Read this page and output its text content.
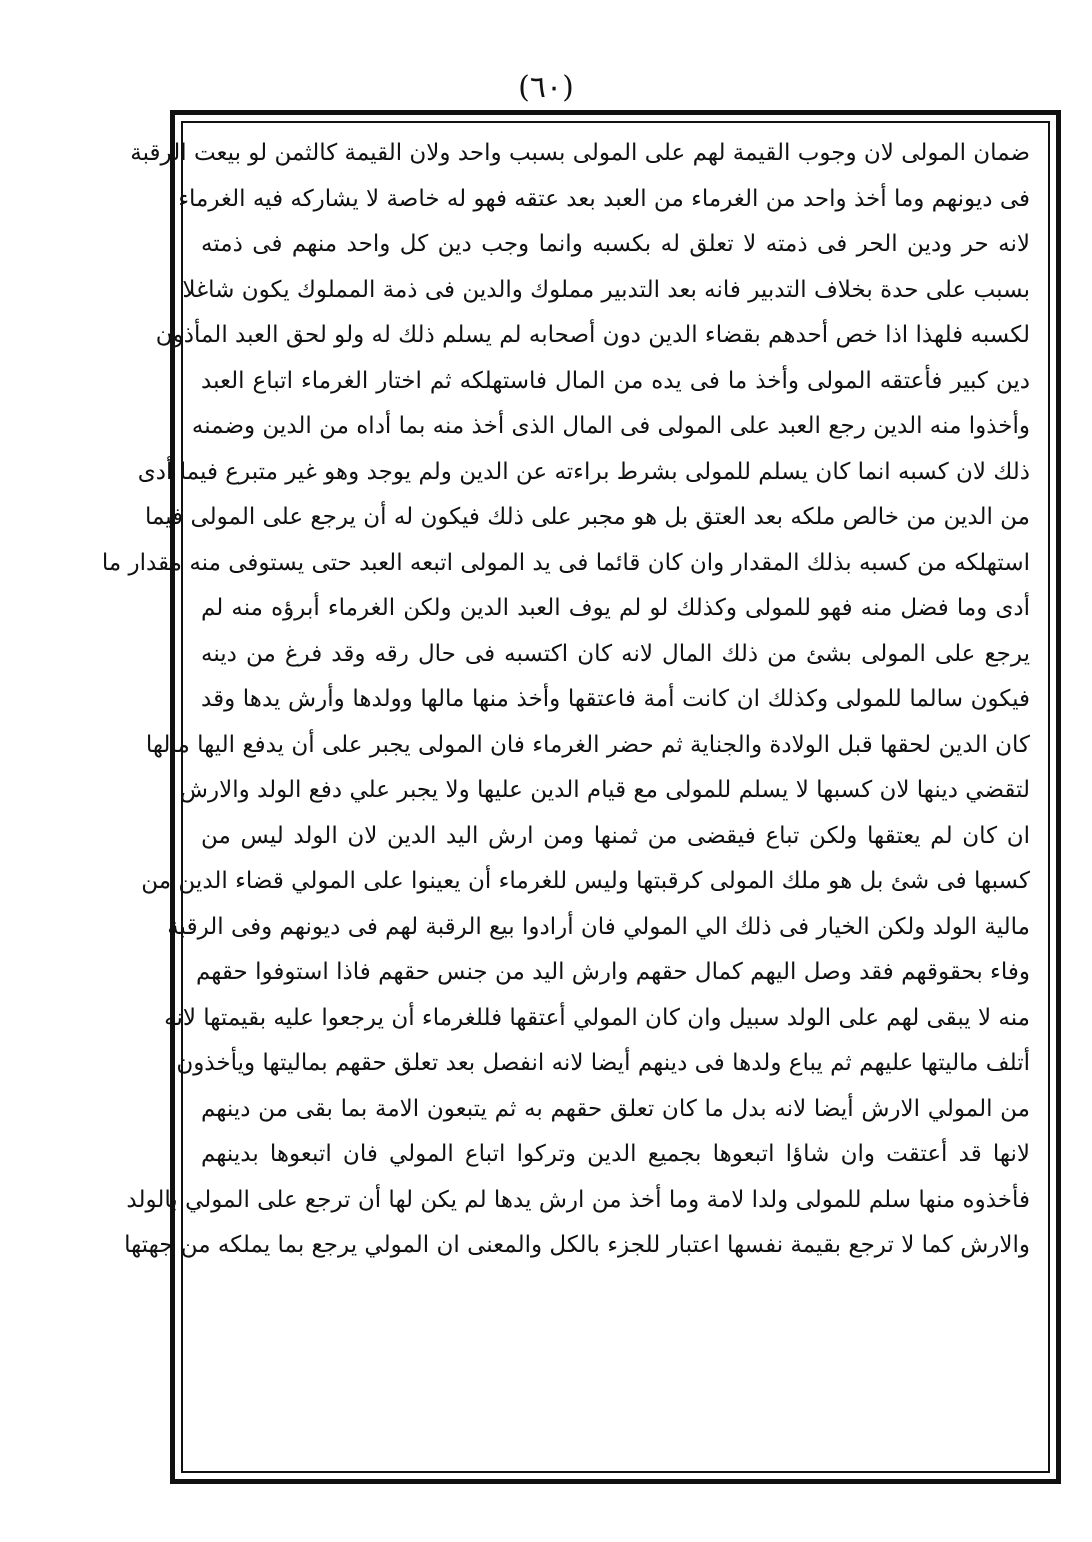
(٦٠)
ضمان المولى لان وجوب القيمة لهم على المولى بسبب واحد ولان القيمة كالثمن لو بيعت الرقبة
فى ديونهم وما أخذ واحد من الغرماء من العبد بعد عتقه فهو له خاصة لا يشاركه فيه الغرماء
لانه حر ودين الحر فى ذمته لا تعلق له بكسبه وانما وجب دين كل واحد منهم فى ذمته
بسبب على حدة بخلاف التدبير فانه بعد التدبير مملوك والدين فى ذمة المملوك يكون شاغلا
لكسبه فلهذا اذا خص أحدهم بقضاء الدين دون أصحابه لم يسلم ذلك له ولو لحق العبد المأذون
دين كبير فأعتقه المولى وأخذ ما فى يده من المال فاستهلكه ثم اختار الغرماء اتباع العبد
وأخذوا منه الدين رجع العبد على المولى فى المال الذى أخذ منه بما أداه من الدين وضمنه
ذلك لان كسبه انما كان يسلم للمولى بشرط براءته عن الدين ولم يوجد وهو غير متبرع فيما أدى
من الدين من خالص ملكه بعد العتق بل هو مجبر على ذلك فيكون له أن يرجع على المولى فيما
استهلكه من كسبه بذلك المقدار وان كان قائما فى يد المولى اتبعه العبد حتى يستوفى منه مقدار ما
أدى وما فضل منه فهو للمولى وكذلك لو لم يوف العبد الدين ولكن الغرماء أبرؤه منه لم
يرجع على المولى بشئ من ذلك المال لانه كان اكتسبه فى حال رقه وقد فرغ من دينه
فيكون سالما للمولى وكذلك ان كانت أمة فاعتقها وأخذ منها مالها وولدها وأرش يدها وقد
كان الدين لحقها قبل الولادة والجناية ثم حضر الغرماء فان المولى يجبر على أن يدفع اليها مالها
لتقضي دينها لان كسبها لا يسلم للمولى مع قيام الدين عليها ولا يجبر علي دفع الولد والارش
ان كان لم يعتقها ولكن تباع فيقضى من ثمنها ومن ارش اليد الدين لان الولد ليس من
كسبها فى شئ بل هو ملك المولى كرقبتها وليس للغرماء أن يعينوا على المولي قضاء الدين من
مالية الولد ولكن الخيار فى ذلك الي المولي فان أرادوا بيع الرقبة لهم فى ديونهم وفى الرقبة
وفاء بحقوقهم فقد وصل اليهم كمال حقهم وارش اليد من جنس حقهم فاذا استوفوا حقهم
منه لا يبقى لهم على الولد سبيل وان كان المولي أعتقها فللغرماء أن يرجعوا عليه بقيمتها لانه
أتلف ماليتها عليهم ثم يباع ولدها فى دينهم أيضا لانه انفصل بعد تعلق حقهم بماليتها ويأخذون
من المولي الارش أيضا لانه بدل ما كان تعلق حقهم به ثم يتبعون الامة بما بقى من دينهم
لانها قد أعتقت وان شاؤا اتبعوها بجميع الدين وتركوا اتباع المولي فان اتبعوها بدينهم
فأخذوه منها سلم للمولى ولدا لامة وما أخذ من ارش يدها لم يكن لها أن ترجع على المولي بالولد
والارش كما لا ترجع بقيمة نفسها اعتبار للجزء بالكل والمعنى ان المولي يرجع بما يملكه من جهتها
